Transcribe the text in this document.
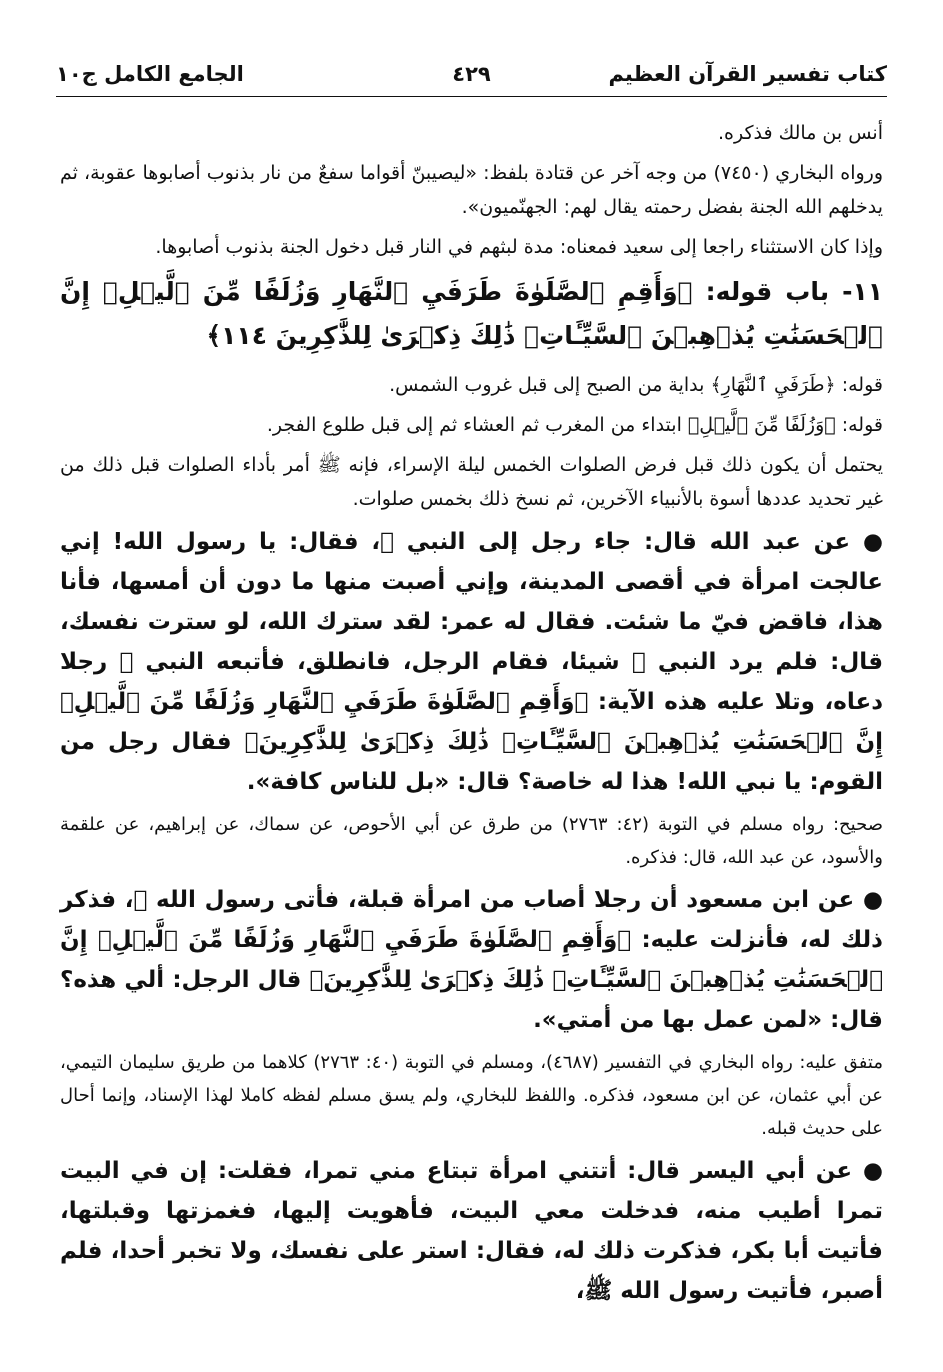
كتاب تفسير القرآن العظيم
٤٢٩
الجامع الكامل ج١٠

أنس بن مالك فذكره.

ورواه البخاري (٧٤٥٠) من وجه آخر عن قتادة بلفظ: «ليصيبنّ أقواما سفعٌ من نار بذنوب أصابوها عقوبة، ثم يدخلهم الله الجنة بفضل رحمته يقال لهم: الجهنّميون».

وإذا كان الاستثناء راجعا إلى سعيد فمعناه: مدة لبثهم في النار قبل دخول الجنة بذنوب أصابوها.

١١- باب قوله: ﴿وَأَقِمِ ٱلصَّلَوٰةَ طَرَفَيِ ٱلنَّهَارِ وَزُلَفًا مِّنَ ٱلَّيۡلِۚ إِنَّ ٱلۡحَسَنَٰتِ يُذۡهِبۡنَ ٱلسَّيِّـَٔاتِۚ ذَٰلِكَ ذِكۡرَىٰ لِلذَّٰكِرِينَ ١١٤﴾

قوله: ﴿طَرَفَيِ ٱلنَّهَارِ﴾ بداية من الصبح إلى قبل غروب الشمس.

قوله: ﴿وَزُلَفًا مِّنَ ٱلَّيۡلِ﴾ ابتداء من المغرب ثم العشاء ثم إلى قبل طلوع الفجر.

يحتمل أن يكون ذلك قبل فرض الصلوات الخمس ليلة الإسراء، فإنه ﷺ أمر بأداء الصلوات قبل ذلك من غير تحديد عددها أسوة بالأنبياء الآخرين، ثم نسخ ذلك بخمس صلوات.

● عن عبد الله قال: جاء رجل إلى النبي ﷺ، فقال: يا رسول الله! إني عالجت امرأة في أقصى المدينة، وإني أصبت منها ما دون أن أمسها، فأنا هذا، فاقض فيّ ما شئت. فقال له عمر: لقد سترك الله، لو سترت نفسك، قال: فلم يرد النبي ﷺ شيئا، فقام الرجل، فانطلق، فأتبعه النبي ﷺ رجلا دعاه، وتلا عليه هذه الآية: ﴿وَأَقِمِ ٱلصَّلَوٰةَ طَرَفَيِ ٱلنَّهَارِ وَزُلَفًا مِّنَ ٱلَّيۡلِۚ إِنَّ ٱلۡحَسَنَٰتِ يُذۡهِبۡنَ ٱلسَّيِّـَٔاتِۚ ذَٰلِكَ ذِكۡرَىٰ لِلذَّٰكِرِينَ﴾ فقال رجل من القوم: يا نبي الله! هذا له خاصة؟ قال: «بل للناس كافة».

صحيح: رواه مسلم في التوبة (٤٢: ٢٧٦٣) من طرق عن أبي الأحوص، عن سماك، عن إبراهيم، عن علقمة والأسود، عن عبد الله، قال: فذكره.

● عن ابن مسعود أن رجلا أصاب من امرأة قبلة، فأتى رسول الله ﷺ، فذكر ذلك له، فأنزلت عليه: ﴿وَأَقِمِ ٱلصَّلَوٰةَ طَرَفَيِ ٱلنَّهَارِ وَزُلَفًا مِّنَ ٱلَّيۡلِۚ إِنَّ ٱلۡحَسَنَٰتِ يُذۡهِبۡنَ ٱلسَّيِّـَٔاتِۚ ذَٰلِكَ ذِكۡرَىٰ لِلذَّٰكِرِينَ﴾ قال الرجل: ألي هذه؟ قال: «لمن عمل بها من أمتي».

متفق عليه: رواه البخاري في التفسير (٤٦٨٧)، ومسلم في التوبة (٤٠: ٢٧٦٣) كلاهما من طريق سليمان التيمي، عن أبي عثمان، عن ابن مسعود، فذكره. واللفظ للبخاري، ولم يسق مسلم لفظه كاملا لهذا الإسناد، وإنما أحال على حديث قبله.

● عن أبي اليسر قال: أتتني امرأة تبتاع مني تمرا، فقلت: إن في البيت تمرا أطيب منه، فدخلت معي البيت، فأهويت إليها، فغمزتها وقبلتها، فأتيت أبا بكر، فذكرت ذلك له، فقال: استر على نفسك، ولا تخبر أحدا، فلم أصبر، فأتيت رسول الله ﷺ،
